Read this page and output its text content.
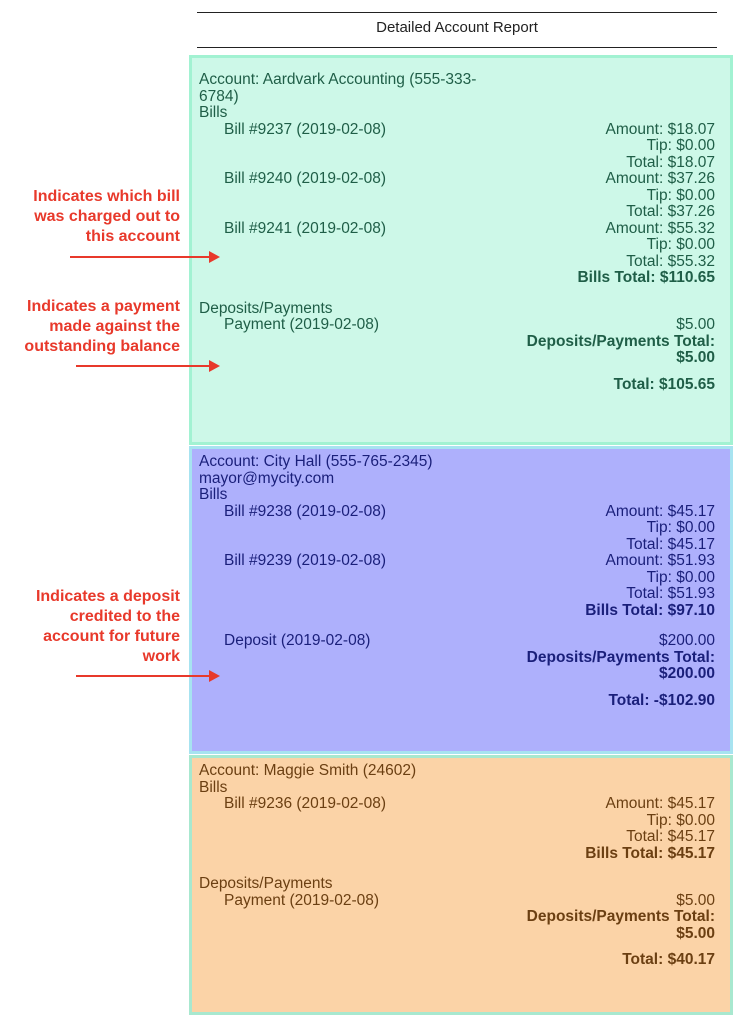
Detailed Account Report
Account: Aardvark Accounting (555-333-6784)
Bills
Bill #9237 (2019-02-08)	Amount: $18.07
Tip: $0.00
Total: $18.07
Bill #9240 (2019-02-08)	Amount: $37.26
Tip: $0.00
Total: $37.26
Bill #9241 (2019-02-08)	Amount: $55.32
Tip: $0.00
Total: $55.32
Bills Total: $110.65
Deposits/Payments
Payment (2019-02-08)	$5.00
Deposits/Payments Total:
$5.00
Total: $105.65
Account: City Hall (555-765-2345)
mayor@mycity.com
Bills
Bill #9238 (2019-02-08)	Amount: $45.17
Tip: $0.00
Total: $45.17
Bill #9239 (2019-02-08)	Amount: $51.93
Tip: $0.00
Total: $51.93
Bills Total: $97.10
Deposit (2019-02-08)	$200.00
Deposits/Payments Total:
$200.00
Total: -$102.90
Account: Maggie Smith (24602)
Bills
Bill #9236 (2019-02-08)	Amount: $45.17
Tip: $0.00
Total: $45.17
Bills Total: $45.17
Deposits/Payments
Payment (2019-02-08)	$5.00
Deposits/Payments Total:
$5.00
Total: $40.17
Indicates which bill was charged out to this account
Indicates a payment made against the outstanding balance
Indicates a deposit credited to the account for future work
